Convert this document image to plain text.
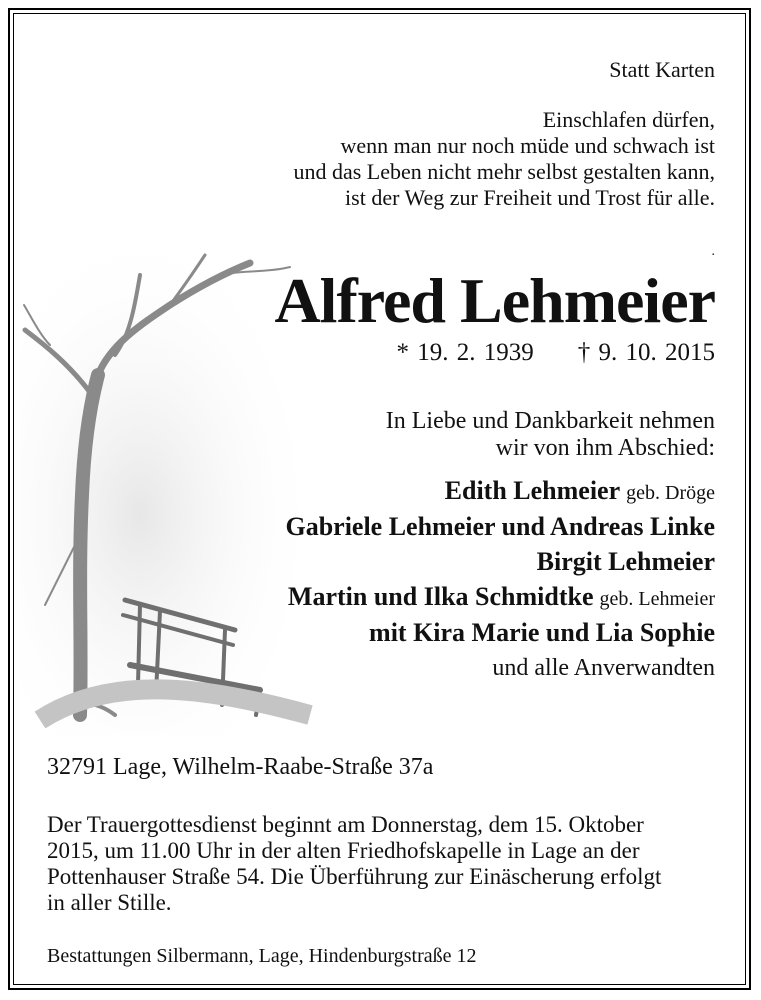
Statt Karten
Einschlafen dürfen,
wenn man nur noch müde und schwach ist
und das Leben nicht mehr selbst gestalten kann,
ist der Weg zur Freiheit und Trost für alle.
.
Alfred Lehmeier
* 19. 2. 1939 † 9. 10. 2015
In Liebe und Dankbarkeit nehmen
wir von ihm Abschied:
Edith Lehmeier geb. Dröge
Gabriele Lehmeier und Andreas Linke
Birgit Lehmeier
Martin und Ilka Schmidtke geb. Lehmeier
mit Kira Marie und Lia Sophie
und alle Anverwandten
32791 Lage, Wilhelm-Raabe-Straße 37a
Der Trauergottesdienst beginnt am Donnerstag, dem 15. Oktober
2015, um 11.00 Uhr in der alten Friedhofskapelle in Lage an der
Pottenhauser Straße 54. Die Überführung zur Einäscherung erfolgt
in aller Stille.
Bestattungen Silbermann, Lage, Hindenburgstraße 12
